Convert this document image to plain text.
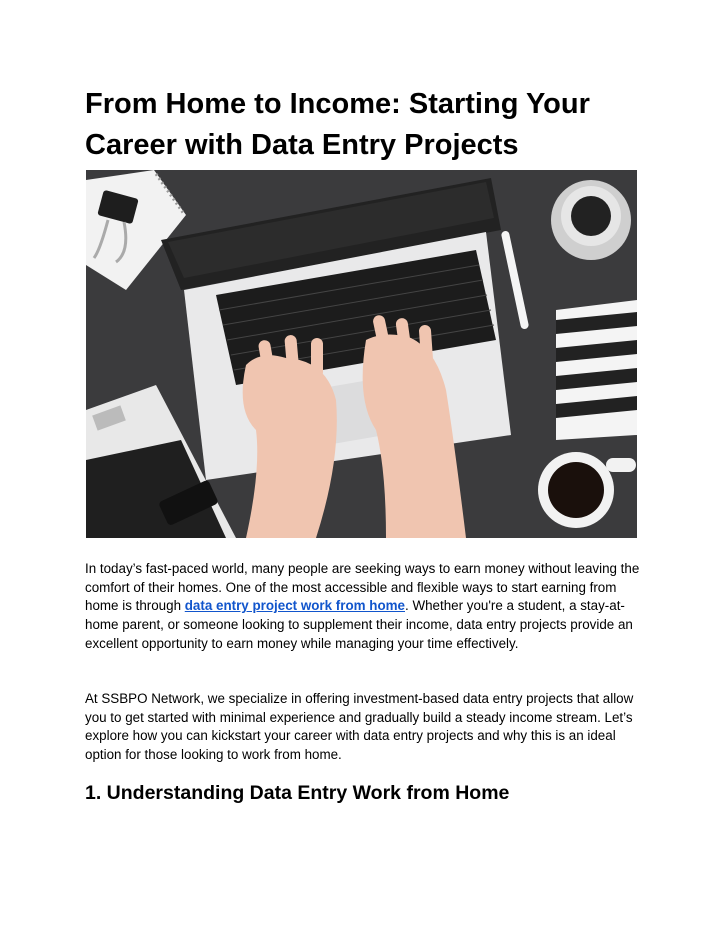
From Home to Income: Starting Your Career with Data Entry Projects

In today’s fast-paced world, many people are seeking ways to earn money without leaving the comfort of their homes. One of the most accessible and flexible ways to start earning from home is through data entry project work from home. Whether you're a student, a stay-at-home parent, or someone looking to supplement their income, data entry projects provide an excellent opportunity to earn money while managing your time effectively.

At SSBPO Network, we specialize in offering investment-based data entry projects that allow you to get started with minimal experience and gradually build a steady income stream. Let’s explore how you can kickstart your career with data entry projects and why this is an ideal option for those looking to work from home.

1. Understanding Data Entry Work from Home
